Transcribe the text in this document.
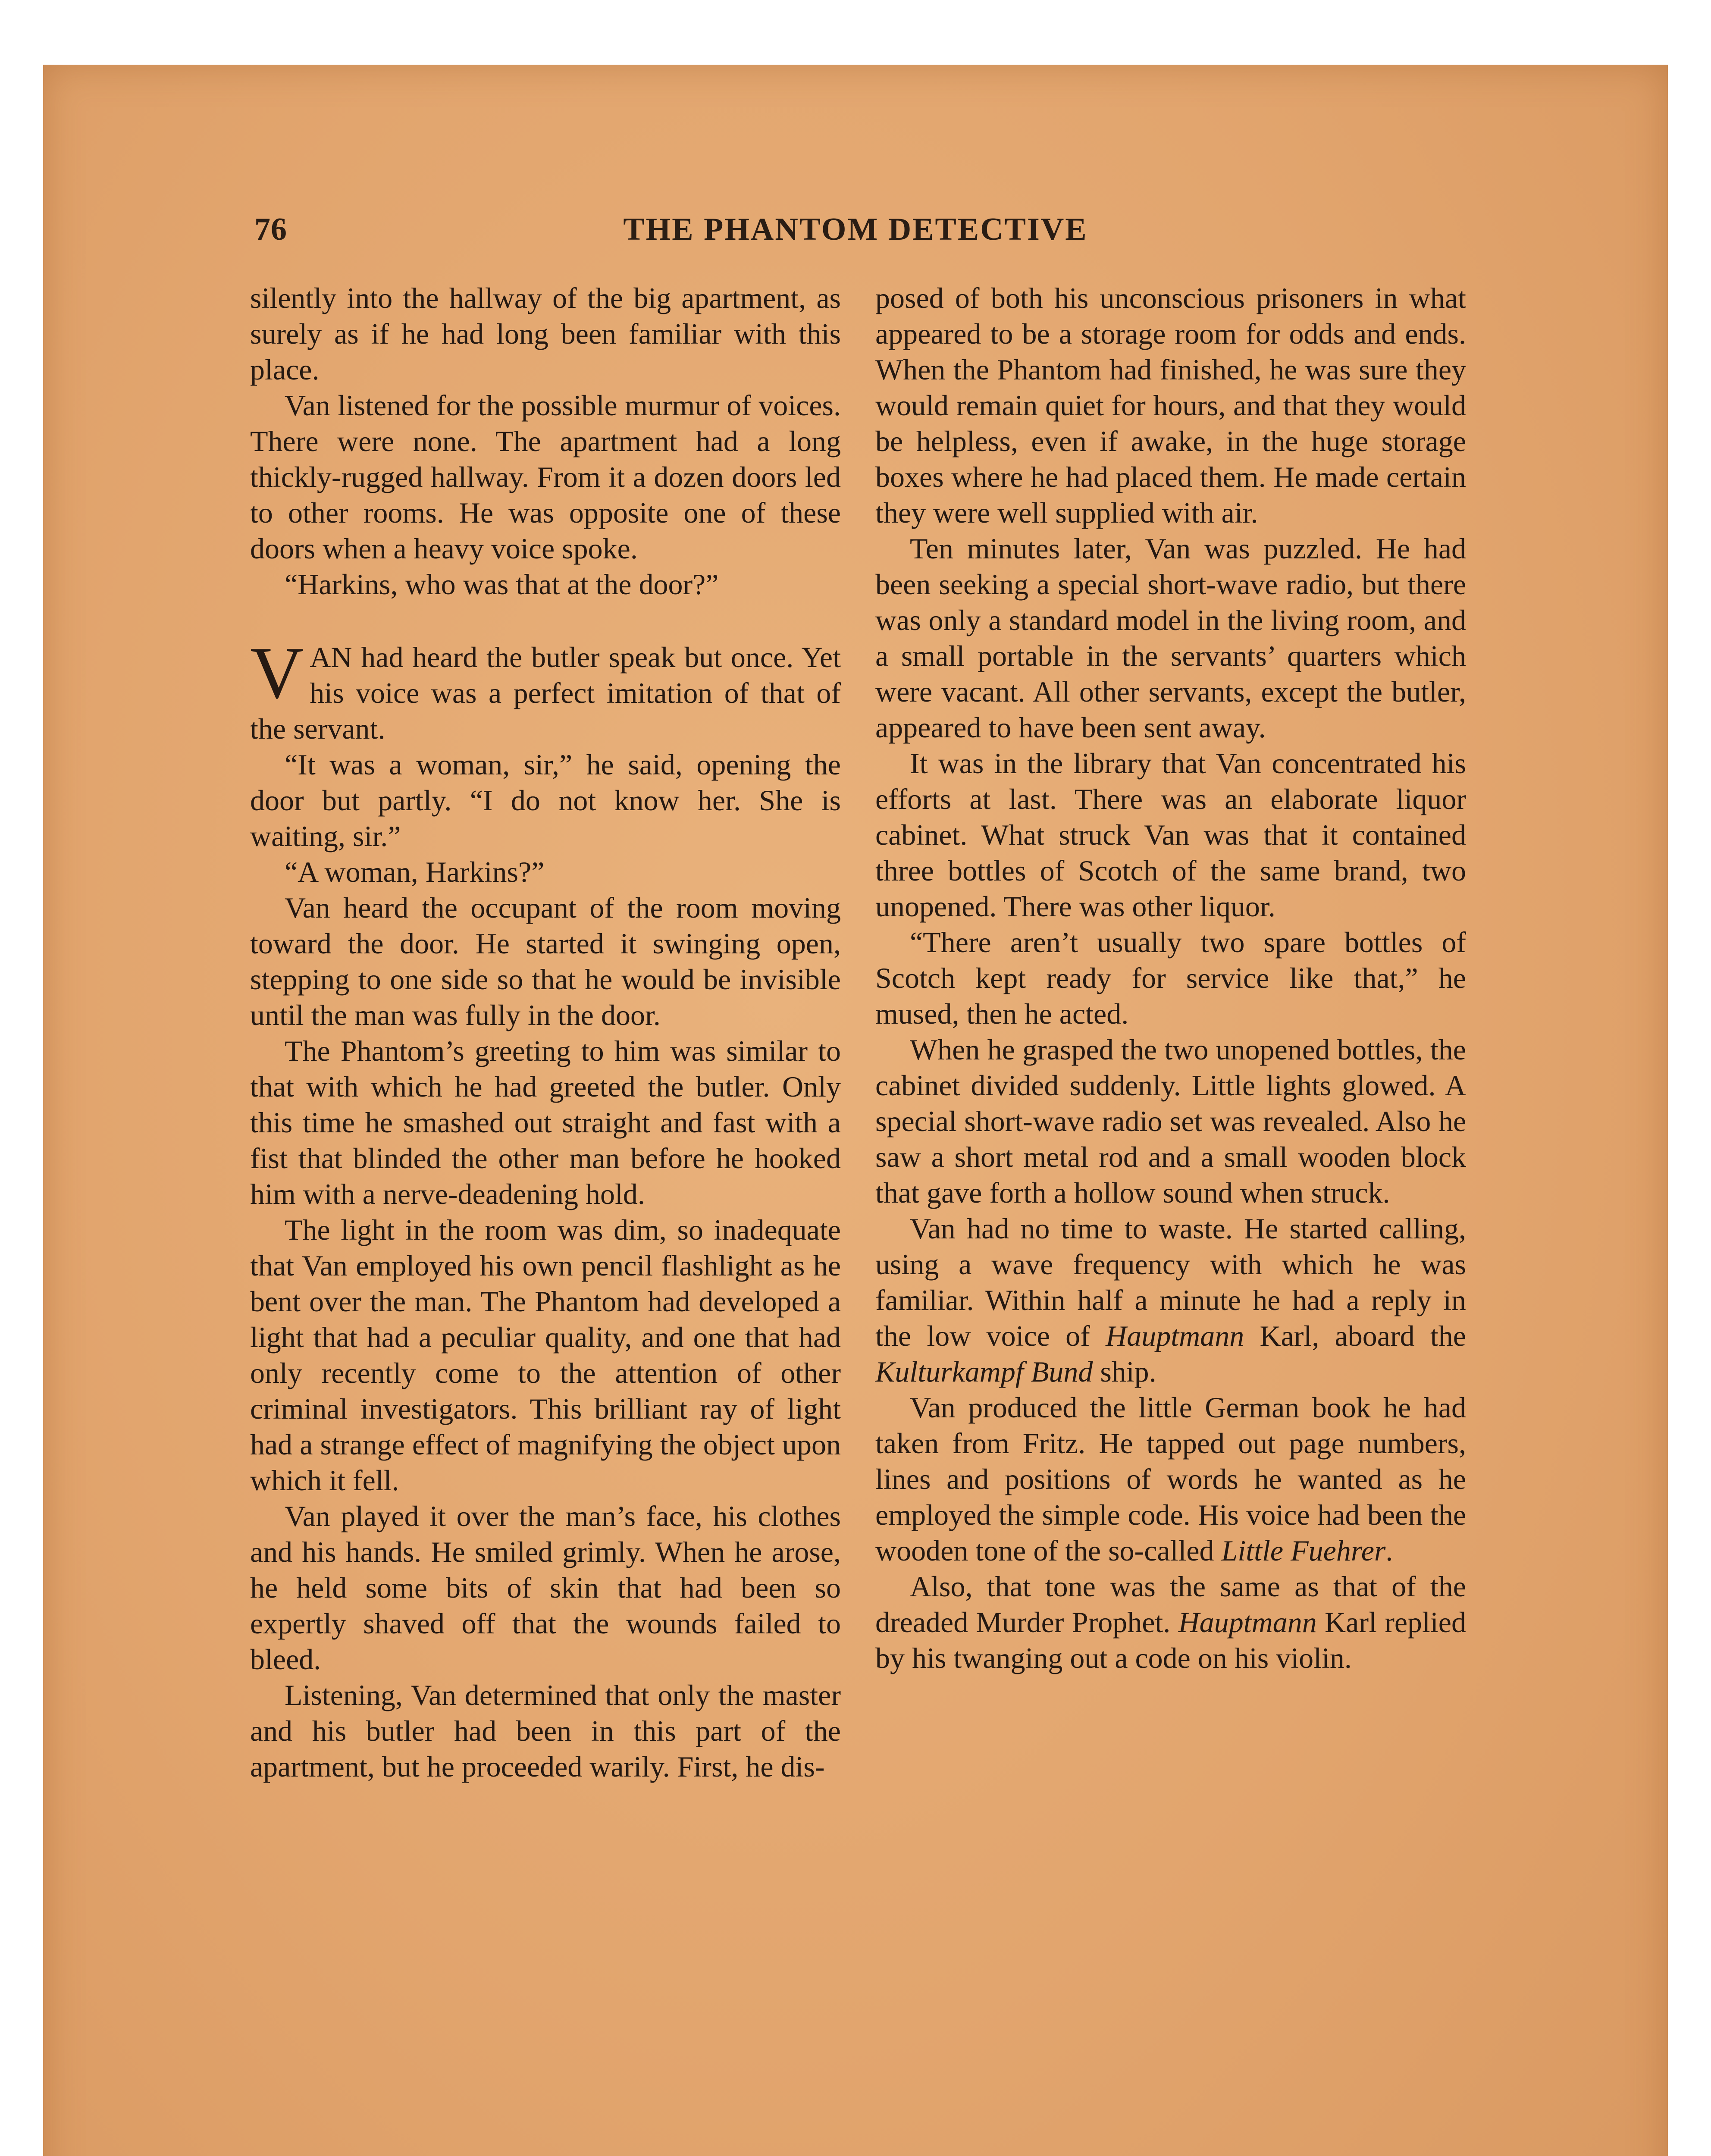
76	THE PHANTOM DETECTIVE

silently into the hallway of the big apartment, as surely as if he had long been familiar with this place.

Van listened for the possible murmur of voices. There were none. The apartment had a long thickly-rugged hallway. From it a dozen doors led to other rooms. He was opposite one of these doors when a heavy voice spoke.

“Harkins, who was that at the door?”

VAN had heard the butler speak but once. Yet his voice was a perfect imitation of that of the servant.

“It was a woman, sir,” he said, opening the door but partly. “I do not know her. She is waiting, sir.”

“A woman, Harkins?”

Van heard the occupant of the room moving toward the door. He started it swinging open, stepping to one side so that he would be invisible until the man was fully in the door.

The Phantom’s greeting to him was similar to that with which he had greeted the butler. Only this time he smashed out straight and fast with a fist that blinded the other man before he hooked him with a nerve-deadening hold.

The light in the room was dim, so inadequate that Van employed his own pencil flashlight as he bent over the man. The Phantom had developed a light that had a peculiar quality, and one that had only recently come to the attention of other criminal investigators. This brilliant ray of light had a strange effect of magnifying the object upon which it fell.

Van played it over the man’s face, his clothes and his hands. He smiled grimly. When he arose, he held some bits of skin that had been so expertly shaved off that the wounds failed to bleed.

Listening, Van determined that only the master and his butler had been in this part of the apartment, but he proceeded warily. First, he dis-

posed of both his unconscious prisoners in what appeared to be a storage room for odds and ends. When the Phantom had finished, he was sure they would remain quiet for hours, and that they would be helpless, even if awake, in the huge storage boxes where he had placed them. He made certain they were well supplied with air.

Ten minutes later, Van was puzzled. He had been seeking a special short-wave radio, but there was only a standard model in the living room, and a small portable in the servants’ quarters which were vacant. All other servants, except the butler, appeared to have been sent away.

It was in the library that Van concentrated his efforts at last. There was an elaborate liquor cabinet. What struck Van was that it contained three bottles of Scotch of the same brand, two unopened. There was other liquor.

“There aren’t usually two spare bottles of Scotch kept ready for service like that,” he mused, then he acted.

When he grasped the two unopened bottles, the cabinet divided suddenly. Little lights glowed. A special short-wave radio set was revealed. Also he saw a short metal rod and a small wooden block that gave forth a hollow sound when struck.

Van had no time to waste. He started calling, using a wave frequency with which he was familiar. Within half a minute he had a reply in the low voice of Hauptmann Karl, aboard the Kulturkampf Bund ship.

Van produced the little German book he had taken from Fritz. He tapped out page numbers, lines and positions of words he wanted as he employed the simple code. His voice had been the wooden tone of the so-called Little Fuehrer.

Also, that tone was the same as that of the dreaded Murder Prophet. Hauptmann Karl replied by his twanging out a code on his violin.
